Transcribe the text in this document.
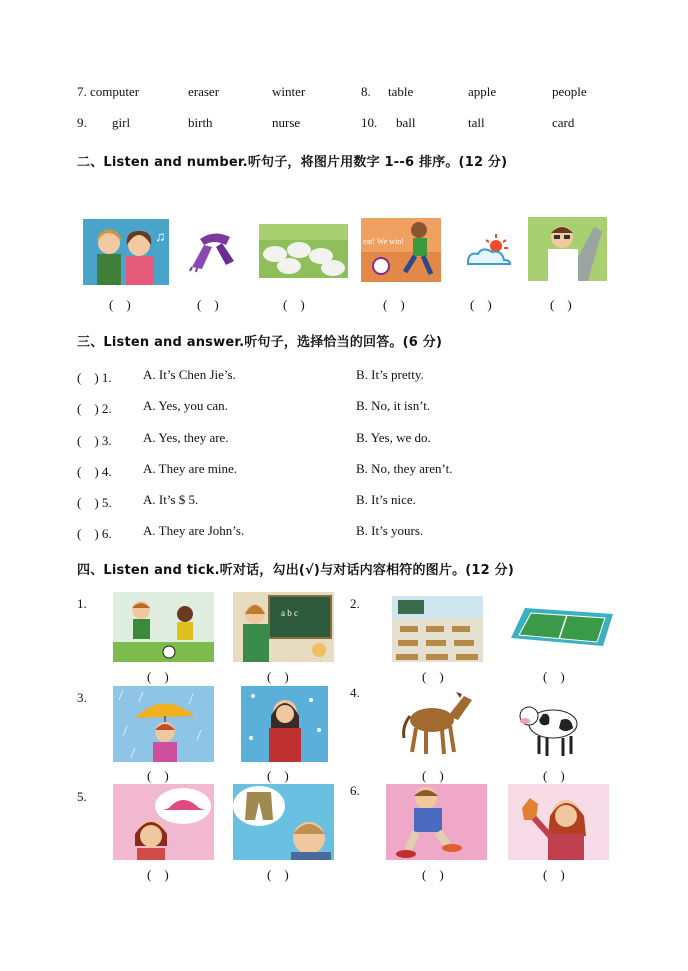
7. computer	eraser	winter	8. table	apple	people
9. girl	birth	nurse	10. ball	tall	card
二、Listen and number.听句子，将图片用数字 1--6 排序。(12 分)
♫	eat! We win!
(　)	(　)	(　)	(　)	(　)	(　)
三、Listen and answer.听句子，选择恰当的回答。(6 分)
(　) 1. A. It’s Chen Jie’s.	B. It’s pretty.
(　) 2. A. Yes, you can.	B. No, it isn’t.
(　) 3. A. Yes, they are.	B. Yes, we do.
(　) 4. A. They are mine.	B. No, they aren’t.
(　) 5. A. It’s $ 5.	B. It’s nice.
(　) 6. A. They are John’s.	B. It’s yours.
四、Listen and tick.听对话，勾出(√)与对话内容相符的图片。(12 分)
1.	2.
3.	4.
5.	6.
a b c
(　)	(　)	(　)	(　)
(　)	(　)	(　)	(　)
(　)	(　)	(　)	(　)
